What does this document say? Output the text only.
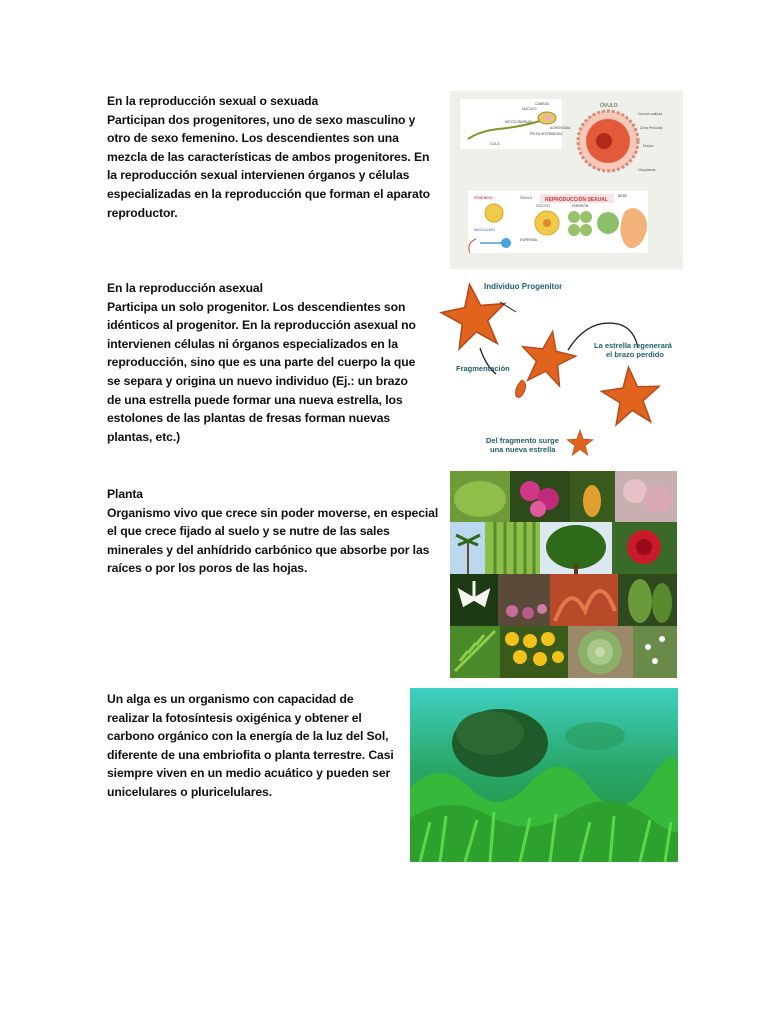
En la reproducción sexual o sexuada

Participan dos progenitores, uno de sexo masculino y otro de sexo femenino. Los descendientes son una mezcla de las características de ambos progenitores. En la reproducción sexual intervienen órganos y células especializadas en la reproducción que forman el aparato reproductor.

CABEZA
NÚCLEO
ACROSOMA
MITOCONDRIAS
PIEZA INTERMEDIA
COLA
ÓVULO
Corona radiada
Zona Pelúcida
Núcleo
Citoplasma
REPRODUCCIÓN SEXUAL
FEMENINO
MASCULINO
CIGOTO	EMBRIÓN
BEBÉ
ESPERMA
ÓVULO

En la reproducción asexual

Participa un solo progenitor. Los descendientes son idénticos al progenitor. En la reproducción asexual no intervienen células ni órganos especializados en la reproducción, sino que es una parte del cuerpo la que se separa y origina un nuevo individuo (Ej.: un brazo de una estrella puede formar una nueva estrella, los estolones de las plantas de fresas forman nuevas plantas, etc.)

Individuo Progenitor
Fragmentación
La estrella regenerará
el brazo perdido
Del fragmento surge
una nueva estrella

Planta

Organismo vivo que crece sin poder moverse, en especial el que crece fijado al suelo y se nutre de las sales minerales y del anhídrido carbónico que absorbe por las raíces o por los poros de las hojas.

Un alga es un organismo con capacidad de realizar la fotosíntesis oxigénica y obtener el carbono orgánico con la energía de la luz del Sol, diferente de una embriofita o planta terrestre. Casi siempre viven en un medio acuático y pueden ser unicelulares o pluricelulares.
